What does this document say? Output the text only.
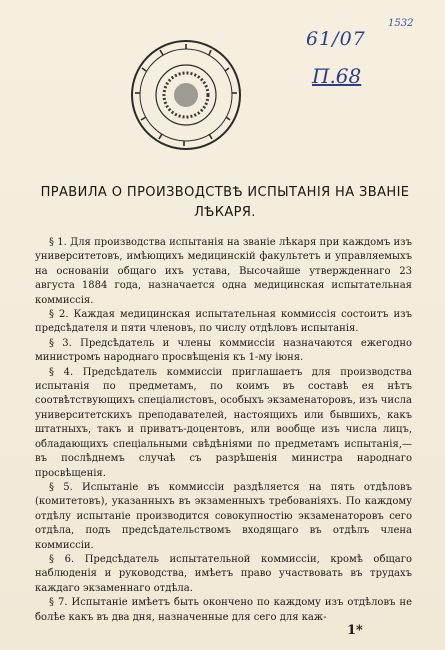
1532
61/07
П.68
ПРАВИЛА О ПРОИЗВОДСТВѢ ИСПЫТАНІЯ НА ЗВАНІЕ ЛѢКАРЯ.

§ 1. Для производства испытанія на званіе лѣкаря при каждомъ изъ университетовъ, имѣющихъ медицинскій факультетъ и управляемыхъ на основаніи общаго ихъ устава, Высочайше утвержденнаго 23 августа 1884 года, назначается одна медицинская испытательная коммиссія.

§ 2. Каждая медицинская испытательная коммиссія состоитъ изъ предсѣдателя и пяти членовъ, по числу отдѣловъ испытанія.

§ 3. Предсѣдатель и члены коммиссіи назначаются ежегодно министромъ народнаго просвѣщенія къ 1-му іюня.

§ 4. Предсѣдатель коммиссіи приглашаетъ для производства испытанія по предметамъ, по коимъ въ составѣ ея нѣтъ соотвѣтствующихъ спеціалистовъ, особыхъ экзаменаторовъ, изъ числа университетскихъ преподавателей, настоящихъ или бывшихъ, какъ штатныхъ, такъ и приватъ-доцентовъ, или вообще изъ числа лицъ, обладающихъ спеціальными свѣдѣніями по предметамъ испытанія,— въ послѣднемъ случаѣ съ разрѣшенія министра народнаго просвѣщенія.

§ 5. Испытаніе въ коммиссіи раздѣляется на пять отдѣловъ (комитетовъ), указанныхъ въ экзаменныхъ требованіяхъ. По каждому отдѣлу испытаніе производится совокупностію экзаменаторовъ сего отдѣла, подъ предсѣдательствомъ входящаго въ отдѣлъ члена коммиссіи.

§ 6. Предсѣдатель испытательной коммиссіи, кромѣ общаго наблюденія и руководства, имѣетъ право участвовать въ трудахъ каждаго экзаменнаго отдѣла.

§ 7. Испытаніе имѣетъ быть окончено по каждому изъ отдѣловъ не болѣе какъ въ два дня, назначенные для сего для каж-

1*
